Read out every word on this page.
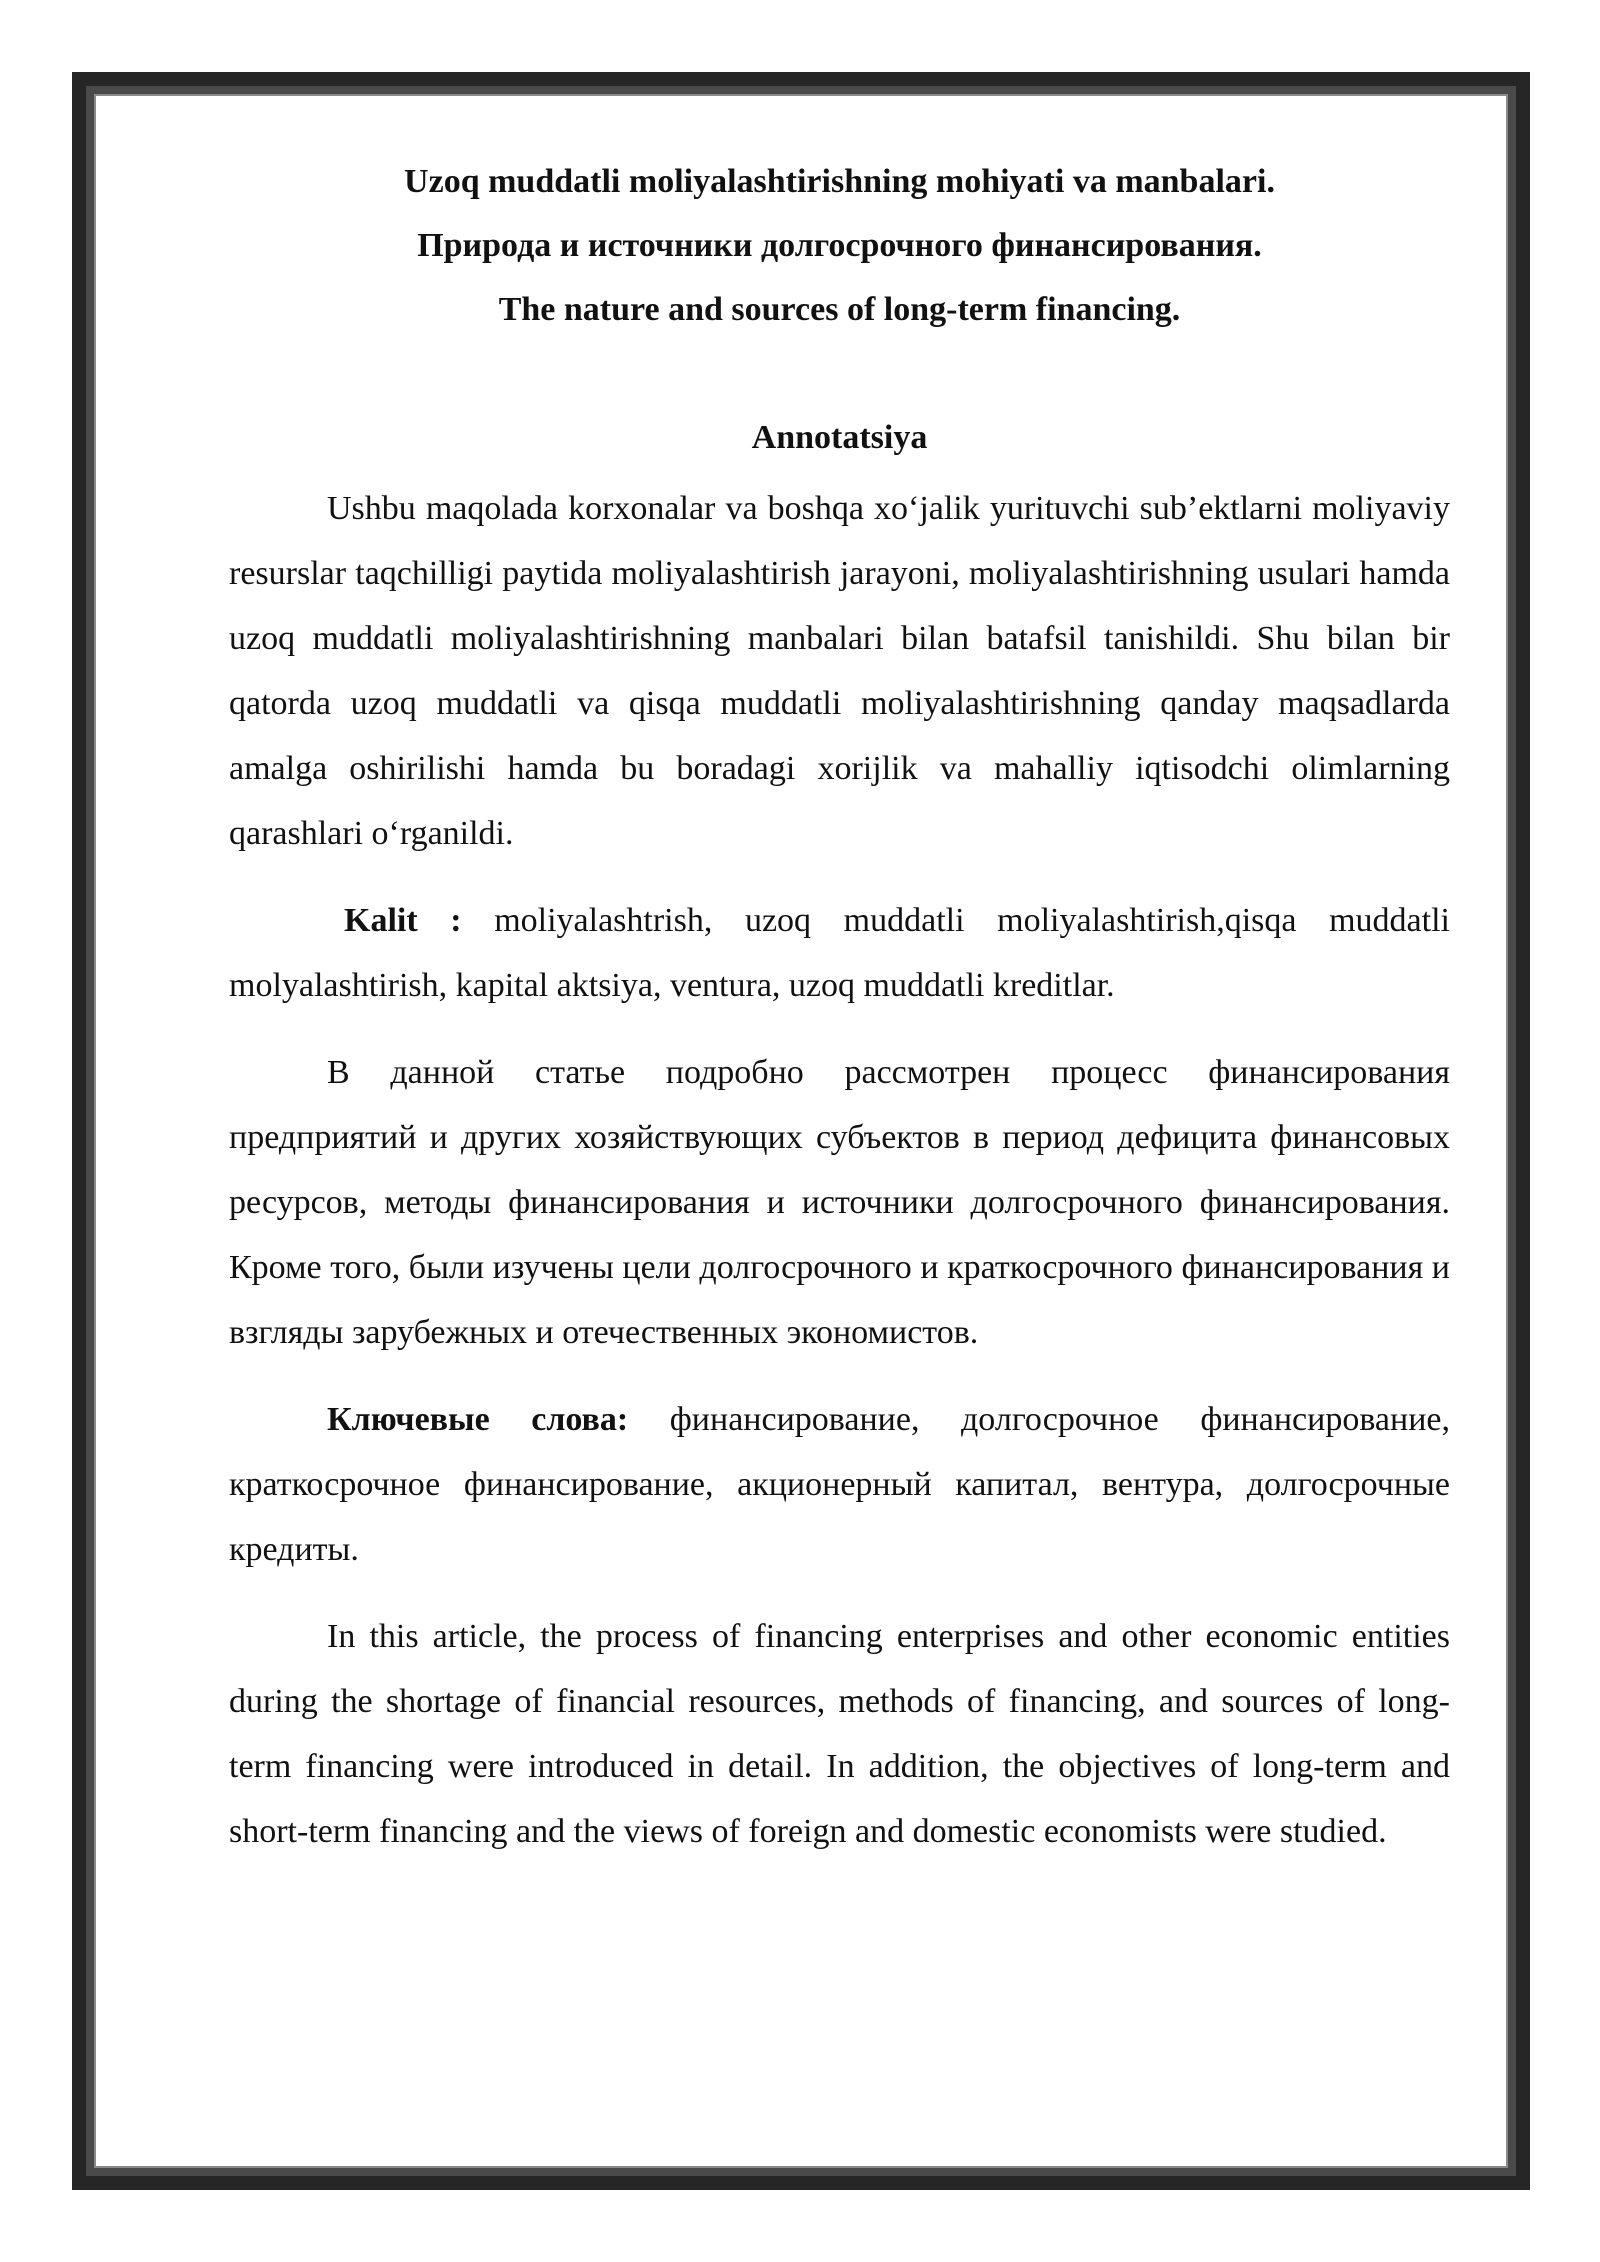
Uzoq muddatli moliyalashtirishning mohiyati va manbalari.
Природа и источники долгосрочного финансирования.
The nature and sources of long-term financing.
Annotatsiya

Ushbu maqolada korxonalar va boshqa xo‘jalik yurituvchi sub’ektlarni moliyaviy resurslar taqchilligi paytida moliyalashtirish jarayoni, moliyalashtirishning usulari hamda uzoq muddatli moliyalashtirishning manbalari bilan batafsil tanishildi. Shu bilan bir qatorda uzoq muddatli va qisqa muddatli moliyalashtirishning qanday maqsadlarda amalga oshirilishi hamda bu boradagi xorijlik va mahalliy iqtisodchi olimlarning qarashlari o‘rganildi.

Kalit : moliyalashtrish, uzoq muddatli moliyalashtirish,qisqa muddatli molyalashtirish, kapital aktsiya, ventura, uzoq muddatli kreditlar.

В данной статье подробно рассмотрен процесс финансирования предприятий и других хозяйствующих субъектов в период дефицита финансовых ресурсов, методы финансирования и источники долгосрочного финансирования. Кроме того, были изучены цели долгосрочного и краткосрочного финансирования и взгляды зарубежных и отечественных экономистов.

Ключевые слова: финансирование, долгосрочное финансирование, краткосрочное финансирование, акционерный капитал, вентура, долгосрочные кредиты.

In this article, the process of financing enterprises and other economic entities during the shortage of financial resources, methods of financing, and sources of long-term financing were introduced in detail. In addition, the objectives of long-term and short-term financing and the views of foreign and domestic economists were studied.
